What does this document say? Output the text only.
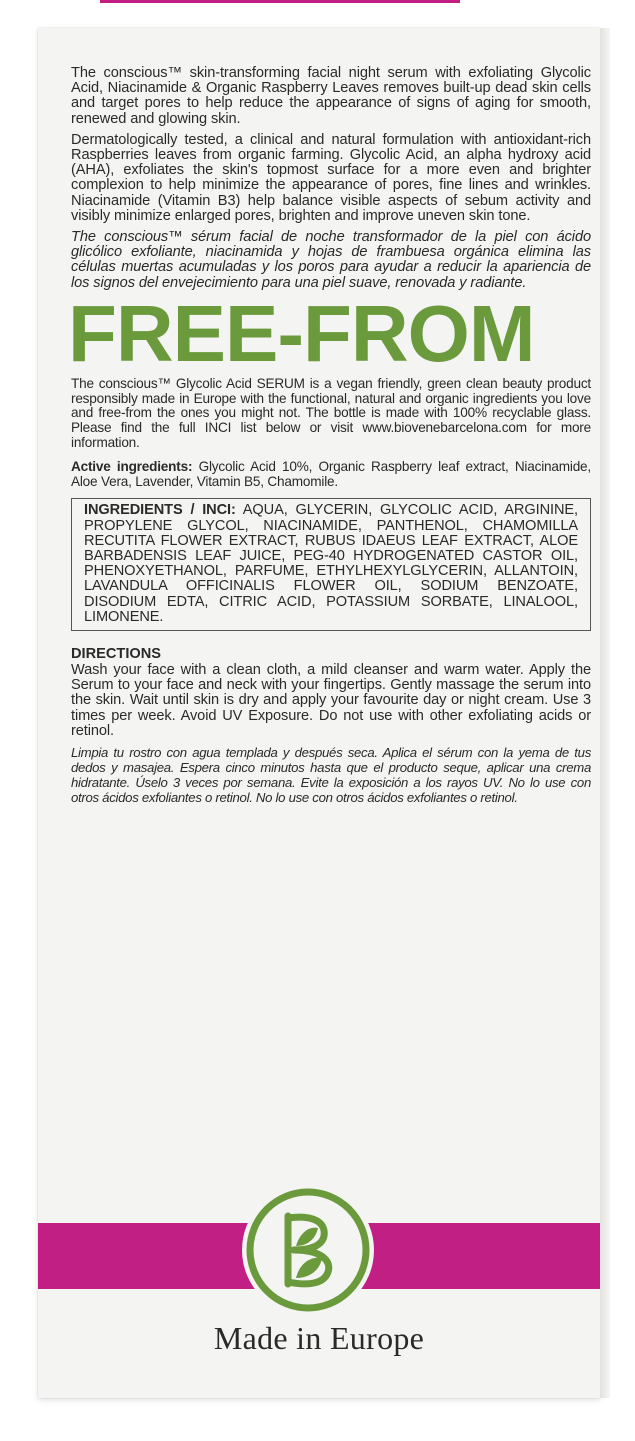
The conscious™ skin-transforming facial night serum with exfoliating Glycolic Acid, Niacinamide & Organic Raspberry Leaves removes built-up dead skin cells and target pores to help reduce the appearance of signs of aging for smooth, renewed and glowing skin.

Dermatologically tested, a clinical and natural formulation with antioxidant-rich Raspberries leaves from organic farming. Glycolic Acid, an alpha hydroxy acid (AHA), exfoliates the skin's topmost surface for a more even and brighter complexion to help minimize the appearance of pores, fine lines and wrinkles. Niacinamide (Vitamin B3) help balance visible aspects of sebum activity and visibly minimize enlarged pores, brighten and improve uneven skin tone.

The conscious™ sérum facial de noche transformador de la piel con ácido glicólico exfoliante, niacinamida y hojas de frambuesa orgánica elimina las células muertas acumuladas y los poros para ayudar a reducir la apariencia de los signos del envejecimiento para una piel suave, renovada y radiante.

FREE-FROM

The conscious™ Glycolic Acid SERUM is a vegan friendly, green clean beauty product responsibly made in Europe with the functional, natural and organic ingredients you love and free-from the ones you might not. The bottle is made with 100% recyclable glass. Please find the full INCI list below or visit www.biovenebarcelona.com for more information.

Active ingredients: Glycolic Acid 10%, Organic Raspberry leaf extract, Niacinamide, Aloe Vera, Lavender, Vitamin B5, Chamomile.

INGREDIENTS / INCI: AQUA, GLYCERIN, GLYCOLIC ACID, ARGININE, PROPYLENE GLYCOL, NIACINAMIDE, PANTHENOL, CHAMOMILLA RECUTITA FLOWER EXTRACT, RUBUS IDAEUS LEAF EXTRACT, ALOE BARBADENSIS LEAF JUICE, PEG-40 HYDROGENATED CASTOR OIL, PHENOXYETHANOL, PARFUME, ETHYLHEXYLGLYCERIN, ALLANTOIN, LAVANDULA OFFICINALIS FLOWER OIL, SODIUM BENZOATE, DISODIUM EDTA, CITRIC ACID, POTASSIUM SORBATE, LINALOOL, LIMONENE.

DIRECTIONS

Wash your face with a clean cloth, a mild cleanser and warm water. Apply the Serum to your face and neck with your fingertips. Gently massage the serum into the skin. Wait until skin is dry and apply your favourite day or night cream. Use 3 times per week. Avoid UV Exposure. Do not use with other exfoliating acids or retinol.

Limpia tu rostro con agua templada y después seca. Aplica el sérum con la yema de tus dedos y masajea. Espera cinco minutos hasta que el producto seque, aplicar una crema hidratante. Úselo 3 veces por semana. Evite la exposición a los rayos UV. No lo use con otros ácidos exfoliantes o retinol. No lo use con otros ácidos exfoliantes o retinol.

Made in Europe
